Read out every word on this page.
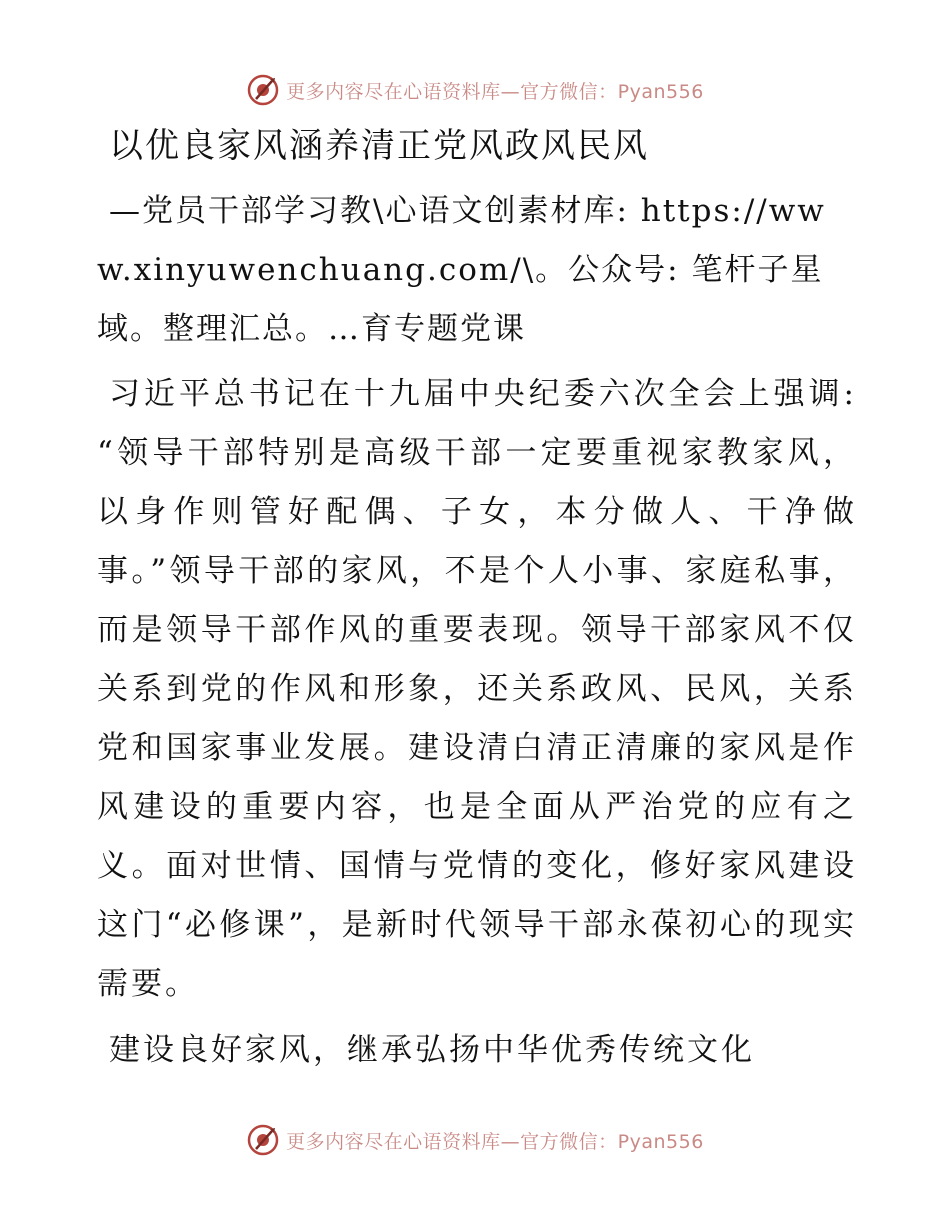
更多内容尽在心语资料库—官方微信：Pyan556
以优良家风涵养清正党风政风民风

—党员干部学习教\心语文创素材库: https://www.xinyuwenchuang.com/\。公众号: 笔杆子星域。整理汇总。…育专题党课

习近平总书记在十九届中央纪委六次全会上强调: “领导干部特别是高级干部一定要重视家教家风，以身作则管好配偶、子女，本分做人、干净做事。”领导干部的家风，不是个人小事、家庭私事，而是领导干部作风的重要表现。领导干部家风不仅关系到党的作风和形象，还关系政风、民风，关系党和国家事业发展。建设清白清正清廉的家风是作风建设的重要内容，也是全面从严治党的应有之义。面对世情、国情与党情的变化，修好家风建设这门“必修课”，是新时代领导干部永葆初心的现实需要。

建设良好家风，继承弘扬中华优秀传统文化
更多内容尽在心语资料库—官方微信：Pyan556
